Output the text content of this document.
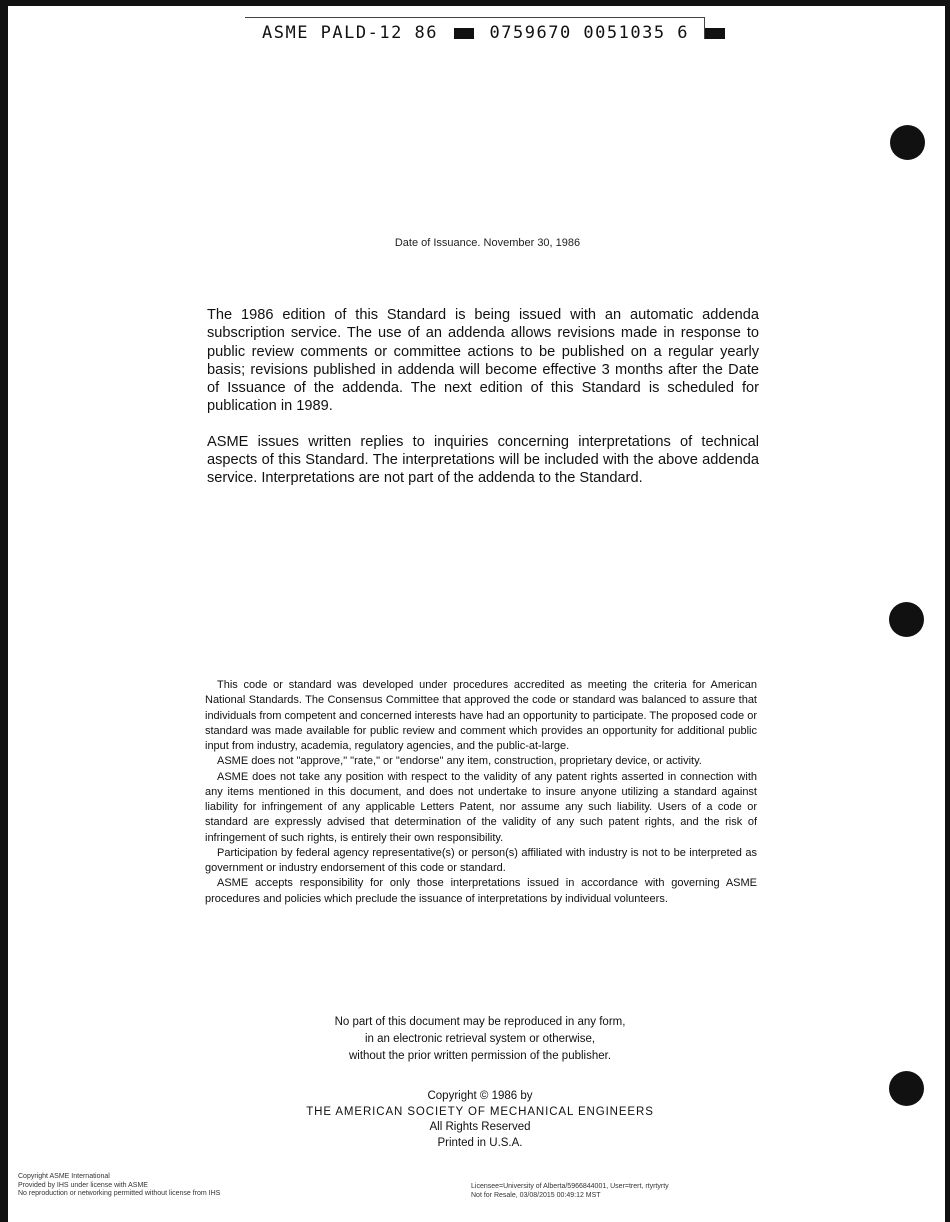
ASME PALD-12 86	0759670 0051035 6
Date of Issuance. November 30, 1986

The 1986 edition of this Standard is being issued with an automatic addenda subscription service. The use of an addenda allows revisions made in response to public review comments or committee actions to be published on a regular yearly basis; revisions published in addenda will become effective 3 months after the Date of Issuance of the addenda. The next edition of this Standard is scheduled for publication in 1989.

ASME issues written replies to inquiries concerning interpretations of technical aspects of this Standard. The interpretations will be included with the above addenda service. Interpretations are not part of the addenda to the Standard.

This code or standard was developed under procedures accredited as meeting the criteria for American National Standards. The Consensus Committee that approved the code or standard was balanced to assure that individuals from competent and concerned interests have had an opportunity to participate. The proposed code or standard was made available for public review and comment which provides an opportunity for additional public input from industry, academia, regulatory agencies, and the public-at-large.

ASME does not "approve," "rate," or "endorse" any item, construction, proprietary device, or activity.

ASME does not take any position with respect to the validity of any patent rights asserted in connection with any items mentioned in this document, and does not undertake to insure anyone utilizing a standard against liability for infringement of any applicable Letters Patent, nor assume any such liability. Users of a code or standard are expressly advised that determination of the validity of any such patent rights, and the risk of infringement of such rights, is entirely their own responsibility.

Participation by federal agency representative(s) or person(s) affiliated with industry is not to be interpreted as government or industry endorsement of this code or standard.

ASME accepts responsibility for only those interpretations issued in accordance with governing ASME procedures and policies which preclude the issuance of interpretations by individual volunteers.

No part of this document may be reproduced in any form,
in an electronic retrieval system or otherwise,
without the prior written permission of the publisher.
Copyright © 1986 by
THE AMERICAN SOCIETY OF MECHANICAL ENGINEERS
All Rights Reserved
Printed in U.S.A.
Copyright ASME International
Provided by IHS under license with ASME
No reproduction or networking permitted without license from IHS
Licensee=University of Alberta/5966844001, User=trert, rtyrtyrty
Not for Resale, 03/08/2015 00:49:12 MST
